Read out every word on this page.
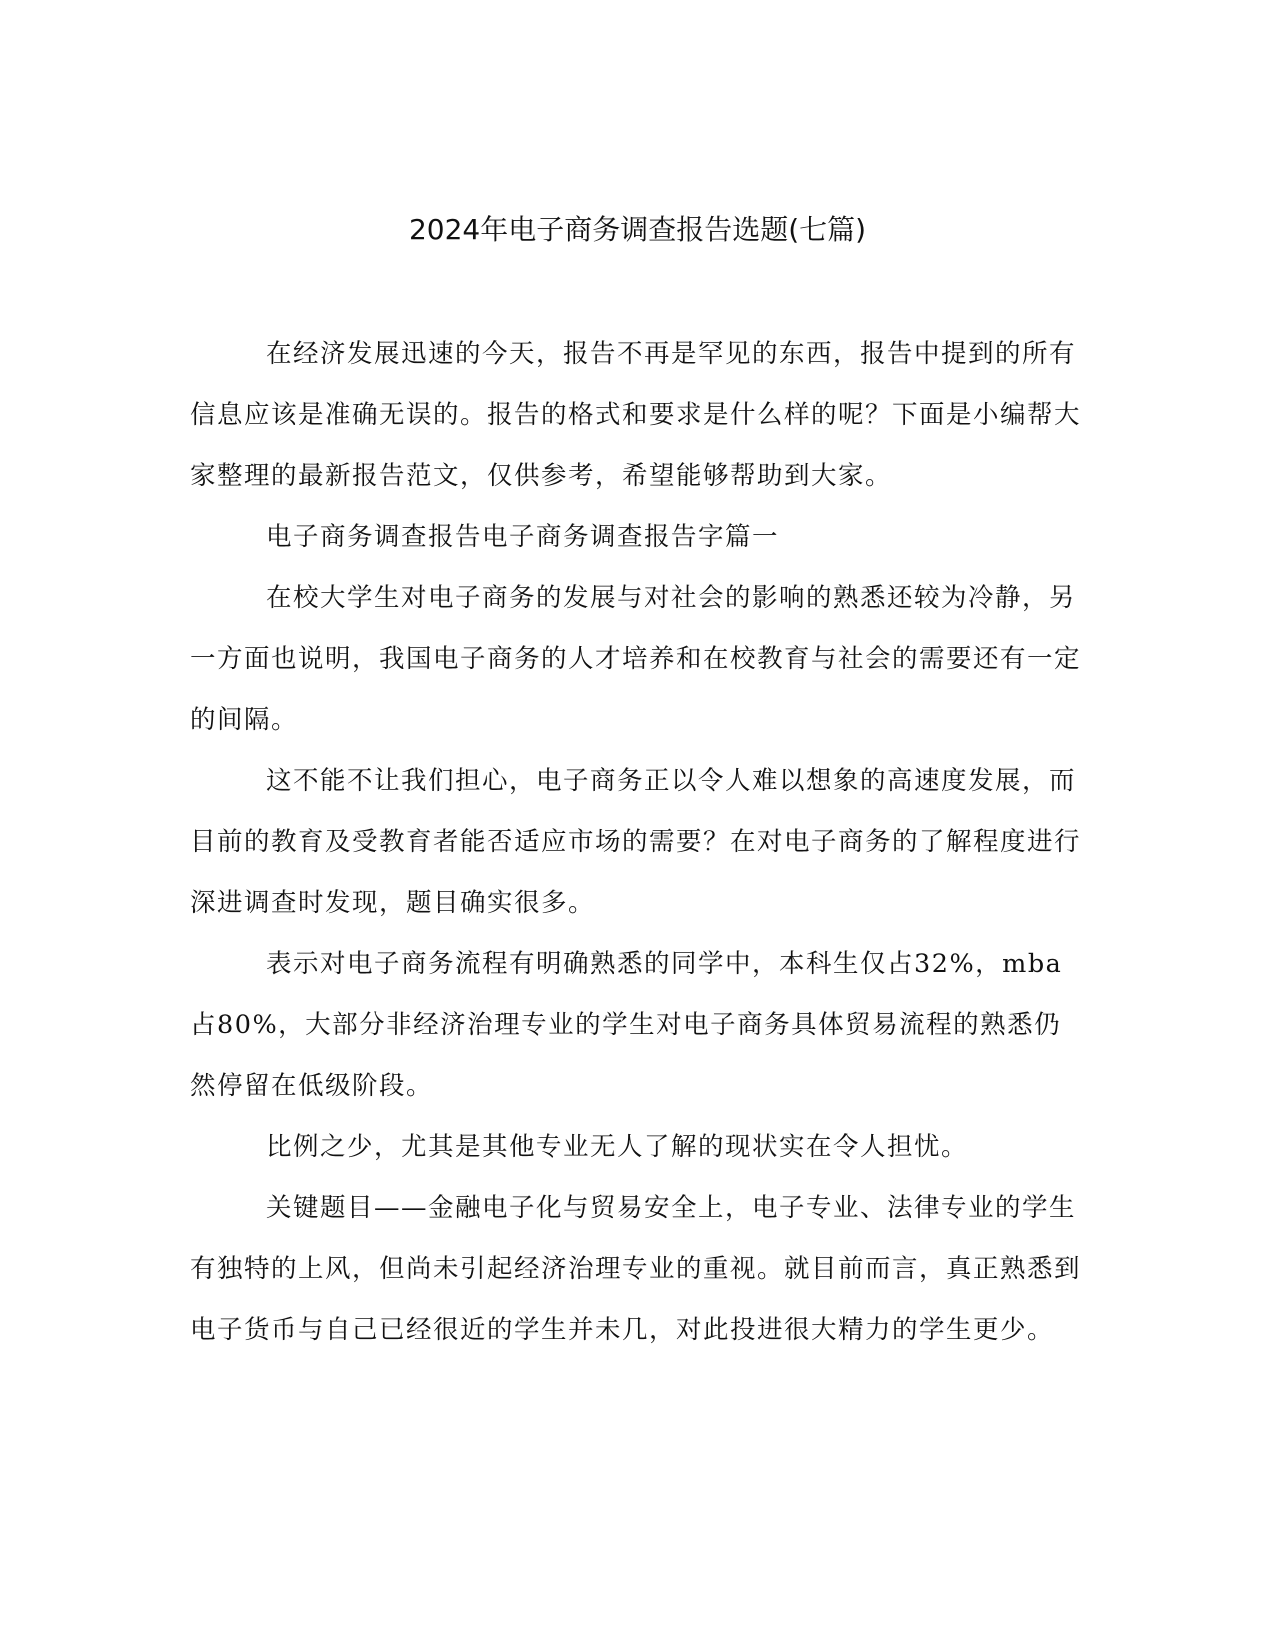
2024年电子商务调查报告选题(七篇)

在经济发展迅速的今天，报告不再是罕见的东西，报告中提到的所有信息应该是准确无误的。报告的格式和要求是什么样的呢？下面是小编帮大家整理的最新报告范文，仅供参考，希望能够帮助到大家。

电子商务调查报告电子商务调查报告字篇一

在校大学生对电子商务的发展与对社会的影响的熟悉还较为冷静，另一方面也说明，我国电子商务的人才培养和在校教育与社会的需要还有一定的间隔。

这不能不让我们担心，电子商务正以令人难以想象的高速度发展，而目前的教育及受教育者能否适应市场的需要？在对电子商务的了解程度进行深进调查时发现，题目确实很多。

表示对电子商务流程有明确熟悉的同学中，本科生仅占32%，mba占80%，大部分非经济治理专业的学生对电子商务具体贸易流程的熟悉仍然停留在低级阶段。

比例之少，尤其是其他专业无人了解的现状实在令人担忧。

关键题目——金融电子化与贸易安全上，电子专业、法律专业的学生有独特的上风，但尚未引起经济治理专业的重视。就目前而言，真正熟悉到电子货币与自己已经很近的学生并未几，对此投进很大精力的学生更少。
